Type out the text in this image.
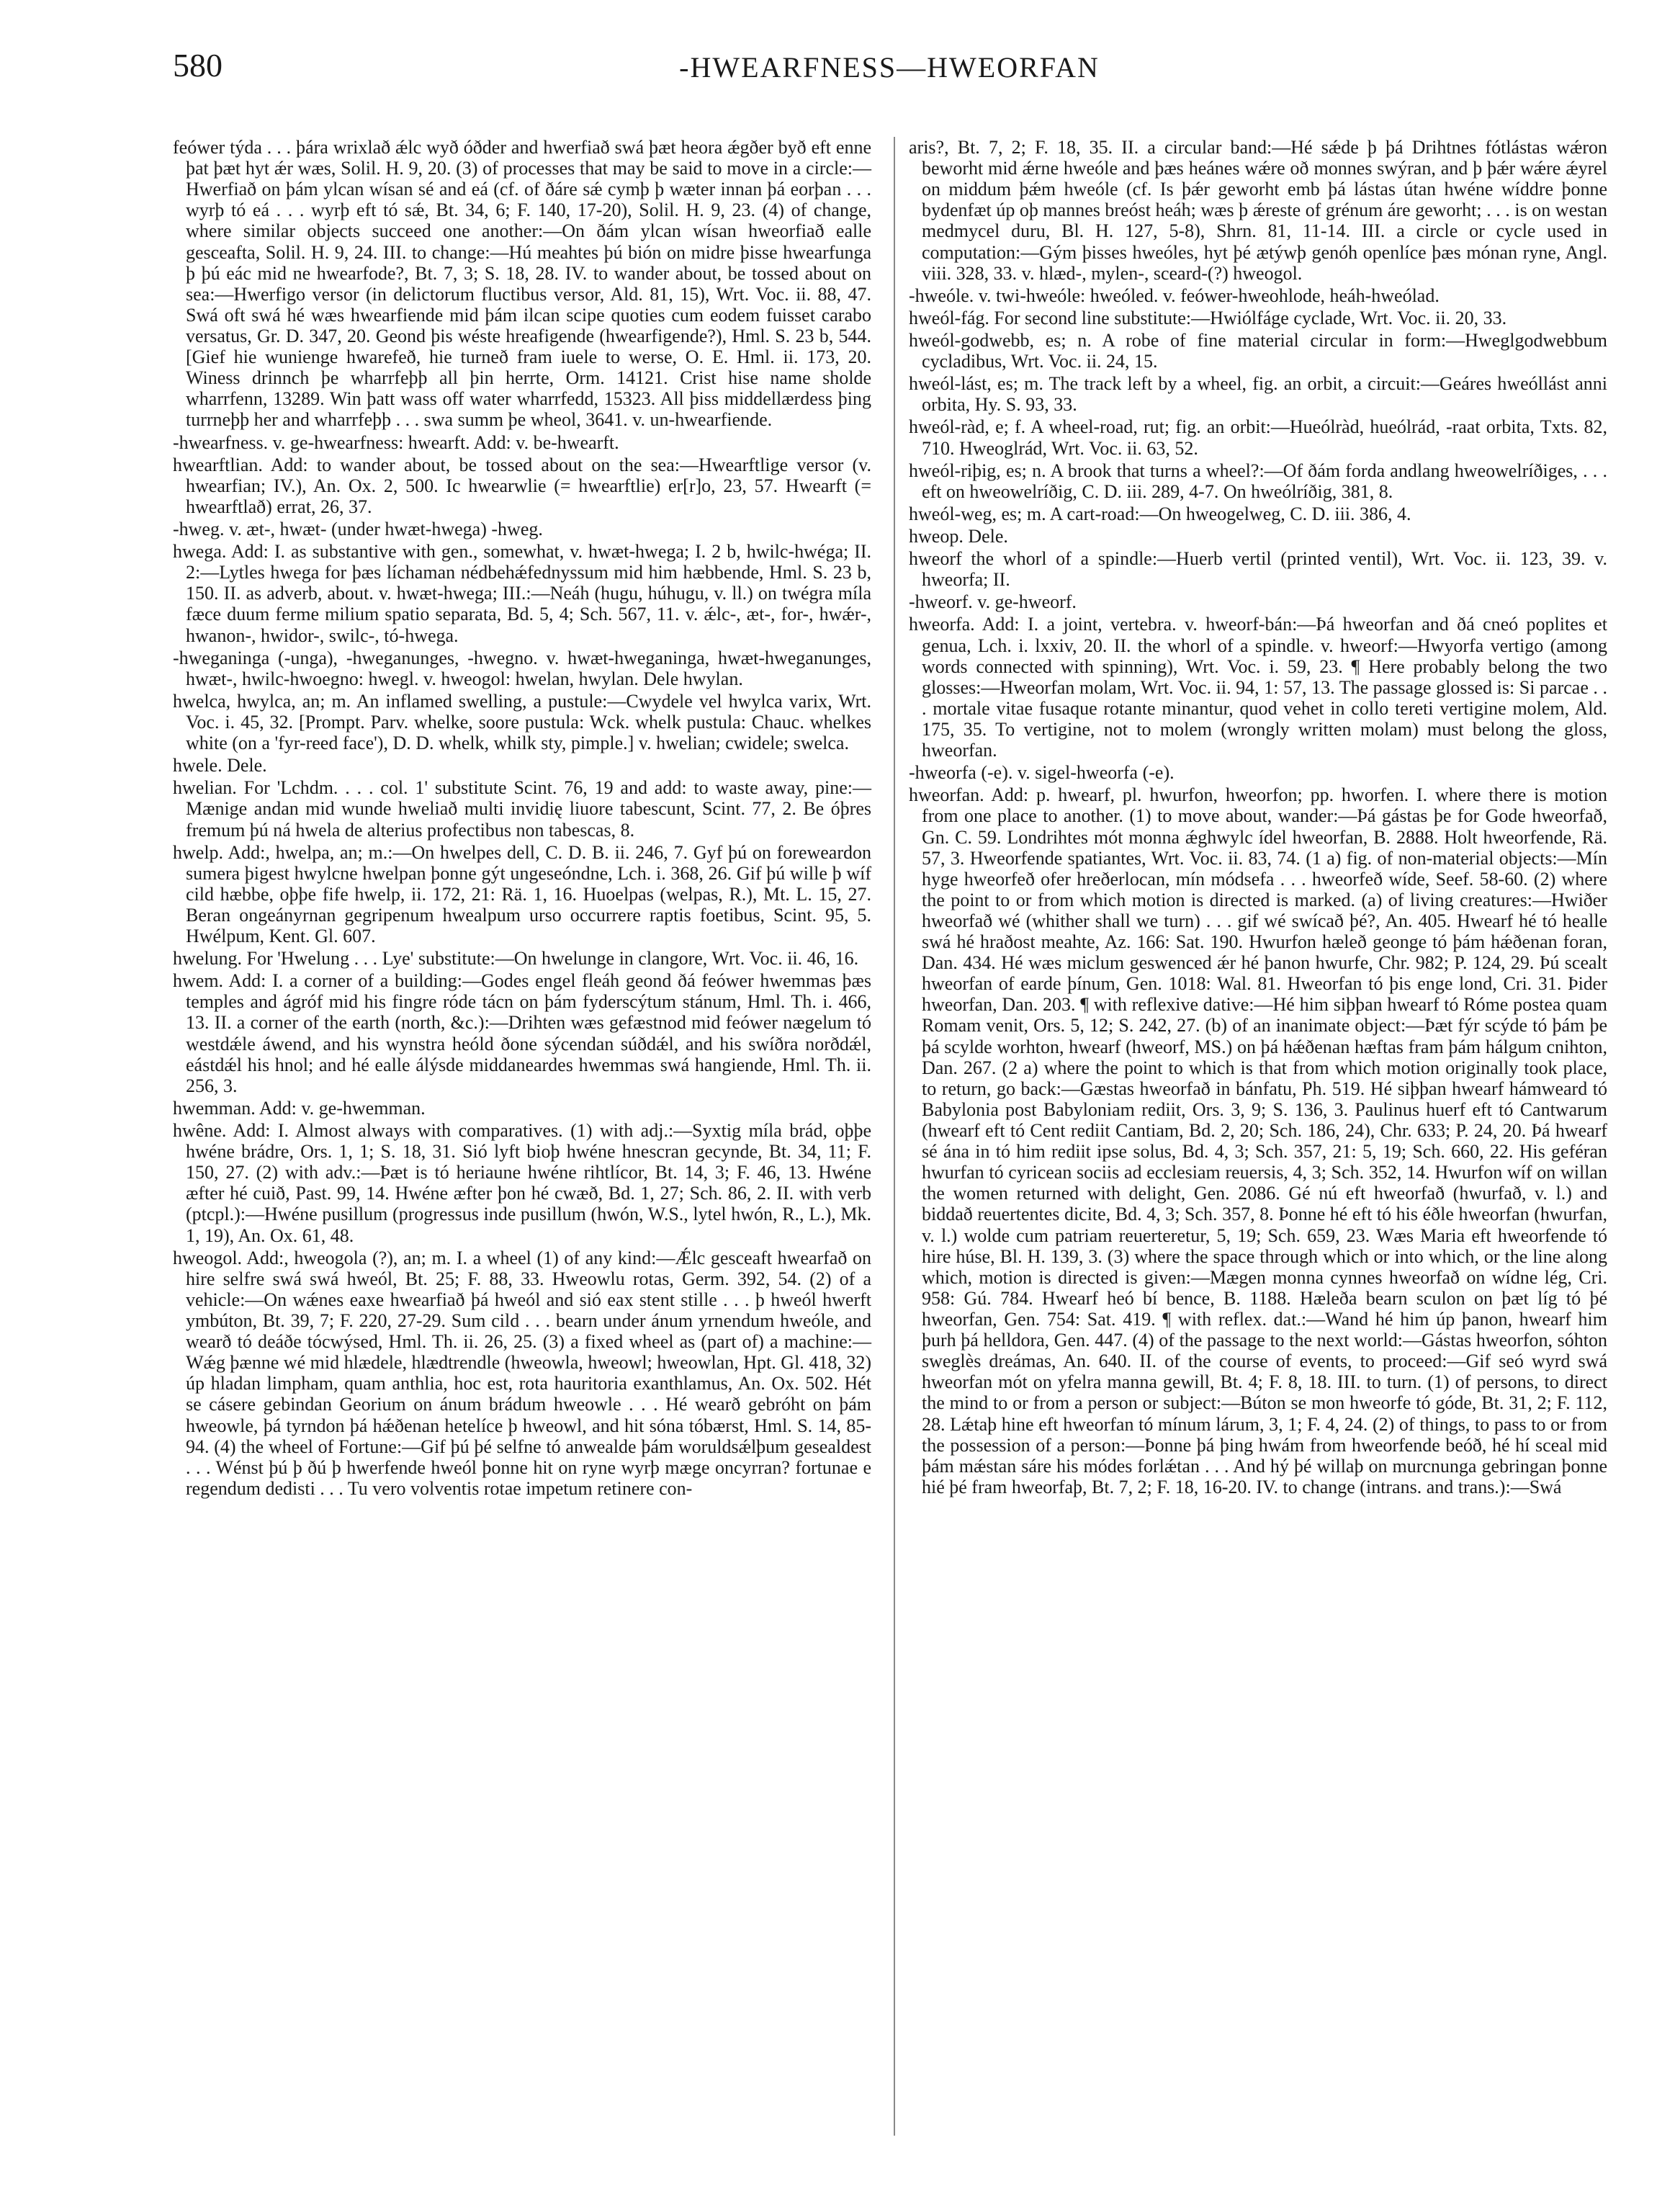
580	-HWEARFNESS—HWEORFAN

feówer týda . . . þára wrixlað ǽlc wyð óðder and hwerfiað swá þæt heora ǽgðer byð eft enne þat þæt hyt ǽr wæs, Solil. H. 9, 20. (3) of processes that may be said to move in a circle:—Hwerfiað on þám ylcan wísan sé and eá (cf. of ðáre sǽ cymþ þ wæter innan þá eorþan . . . wyrþ tó eá . . . wyrþ eft tó sǽ, Bt. 34, 6; F. 140, 17-20), Solil. H. 9, 23. (4) of change, where similar objects succeed one another:—On ðám ylcan wísan hweorfiað ealle gesceafta, Solil. H. 9, 24. III. to change:—Hú meahtes þú bión on midre þisse hwearfunga þ þú eác mid ne hwearfode?, Bt. 7, 3; S. 18, 28. IV. to wander about, be tossed about on sea:—Hwerfigo versor (in delictorum fluctibus versor, Ald. 81, 15), Wrt. Voc. ii. 88, 47. Swá oft swá hé wæs hwearfiende mid þám ilcan scipe quoties cum eodem fuisset carabo versatus, Gr. D. 347, 20. Geond þis wéste hreafigende (hwearfigende?), Hml. S. 23 b, 544. [Gief hie wunienge hwarefeð, hie turneð fram iuele to werse, O. E. Hml. ii. 173, 20. Winess drinnch þe wharrfeþþ all þin herrte, Orm. 14121. Crist hise name sholde wharrfenn, 13289. Win þatt wass off water wharrfedd, 15323. All þiss middellærdess þing turrneþþ her and wharrfeþþ . . . swa summ þe wheol, 3641. v. un-hwearfiende.

-hwearfness. v. ge-hwearfness: hwearft. Add: v. be-hwearft.

hwearftlian. Add: to wander about, be tossed about on the sea:—Hwearftlige versor (v. hwearfian; IV.), An. Ox. 2, 500. Ic hwearwlie (= hwearftlie) er[r]o, 23, 57. Hwearft (= hwearftlað) errat, 26, 37.

-hweg. v. æt-, hwæt- (under hwæt-hwega) -hweg.

hwega. Add: I. as substantive with gen., somewhat, v. hwæt-hwega; I. 2 b, hwilc-hwéga; II. 2:—Lytles hwega for þæs líchaman nédbehǽfednyssum mid him hæbbende, Hml. S. 23 b, 150. II. as adverb, about. v. hwæt-hwega; III.:—Neáh (hugu, húhugu, v. ll.) on twégra míla fæce duum ferme milium spatio separata, Bd. 5, 4; Sch. 567, 11. v. ǽlc-, æt-, for-, hwǽr-, hwanon-, hwidor-, swilc-, tó-hwega.

-hweganinga (-unga), -hweganunges, -hwegno. v. hwæt-hweganinga, hwæt-hweganunges, hwæt-, hwilc-hwoegno: hwegl. v. hweogol: hwelan, hwylan. Dele hwylan.

hwelca, hwylca, an; m. An inflamed swelling, a pustule:—Cwydele vel hwylca varix, Wrt. Voc. i. 45, 32. [Prompt. Parv. whelke, soore pustula: Wck. whelk pustula: Chauc. whelkes white (on a 'fyr-reed face'), D. D. whelk, whilk sty, pimple.] v. hwelian; cwidele; swelca.

hwele. Dele.

hwelian. For 'Lchdm. . . . col. 1' substitute Scint. 76, 19 and add: to waste away, pine:—Mænige andan mid wunde hweliað multi invidię liuore tabescunt, Scint. 77, 2. Be óþres fremum þú ná hwela de alterius profectibus non tabescas, 8.

hwelp. Add:, hwelpa, an; m.:—On hwelpes dell, C. D. B. ii. 246, 7. Gyf þú on foreweardon sumera þigest hwylcne hwelpan þonne gýt ungeseóndne, Lch. i. 368, 26. Gif þú wille þ wíf cild hæbbe, oþþe fife hwelp, ii. 172, 21: Rä. 1, 16. Huoelpas (welpas, R.), Mt. L. 15, 27. Beran ongeányrnan gegripenum hwealpum urso occurrere raptis foetibus, Scint. 95, 5. Hwélpum, Kent. Gl. 607.

hwelung. For 'Hwelung . . . Lye' substitute:—On hwelunge in clangore, Wrt. Voc. ii. 46, 16.

hwem. Add: I. a corner of a building:—Godes engel fleáh geond ðá feówer hwemmas þæs temples and ágróf mid his fingre róde tácn on þám fyderscýtum stánum, Hml. Th. i. 466, 13. II. a corner of the earth (north, &c.):—Drihten wæs gefæstnod mid feówer nægelum tó westdǽle áwend, and his wynstra heóld ðone sýcendan súðdǽl, and his swíðra norðdǽl, eástdǽl his hnol; and hé ealle álýsde middaneardes hwemmas swá hangiende, Hml. Th. ii. 256, 3.

hwemman. Add: v. ge-hwemman.

hwêne. Add: I. Almost always with comparatives. (1) with adj.:—Syxtig míla brád, oþþe hwéne brádre, Ors. 1, 1; S. 18, 31. Sió lyft bioþ hwéne hnescran gecynde, Bt. 34, 11; F. 150, 27. (2) with adv.:—Þæt is tó heriaune hwéne rihtlícor, Bt. 14, 3; F. 46, 13. Hwéne æfter hé cuið, Past. 99, 14. Hwéne æfter þon hé cwæð, Bd. 1, 27; Sch. 86, 2. II. with verb (ptcpl.):—Hwéne pusillum (progressus inde pusillum (hwón, W.S., lytel hwón, R., L.), Mk. 1, 19), An. Ox. 61, 48.

hweogol. Add:, hweogola (?), an; m. I. a wheel (1) of any kind:—Ǽlc gesceaft hwearfað on hire selfre swá swá hweól, Bt. 25; F. 88, 33. Hweowlu rotas, Germ. 392, 54. (2) of a vehicle:—On wǽnes eaxe hwearfiað þá hweól and sió eax stent stille . . . þ hweól hwerft ymbúton, Bt. 39, 7; F. 220, 27-29. Sum cild . . . bearn under ánum yrnendum hweóle, and wearð tó deáðe tócwýsed, Hml. Th. ii. 26, 25. (3) a fixed wheel as (part of) a machine:—Wǽg þænne wé mid hlædele, hlædtrendle (hweowla, hweowl; hweowlan, Hpt. Gl. 418, 32) úp hladan limpham, quam anthlia, hoc est, rota hauritoria exanthlamus, An. Ox. 502. Hét se cásere gebindan Georium on ánum brádum hweowle . . . Hé wearð gebróht on þám hweowle, þá tyrndon þá hǽðenan hetelíce þ hweowl, and hit sóna tóbærst, Hml. S. 14, 85-94. (4) the wheel of Fortune:—Gif þú þé selfne tó anwealde þám woruldsǽlþum gesealdest . . . Wénst þú þ ðú þ hwerfende hweól þonne hit on ryne wyrþ mæge oncyrran? fortunae e regendum dedisti . . . Tu vero volventis rotae impetum retinere con-

aris?, Bt. 7, 2; F. 18, 35. II. a circular band:—Hé sǽde þ þá Drihtnes fótlástas wǽron beworht mid ǽrne hweóle and þæs heánes wǽre oð monnes swýran, and þ þǽr wǽre ǽyrel on middum þǽm hweóle (cf. Is þǽr geworht emb þá lástas útan hwéne wíddre þonne bydenfæt úp oþ mannes breóst heáh; wæs þ ǽreste of grénum áre geworht; . . . is on westan medmycel duru, Bl. H. 127, 5-8), Shrn. 81, 11-14. III. a circle or cycle used in computation:—Gým þisses hweóles, hyt þé ætýwþ genóh openlíce þæs mónan ryne, Angl. viii. 328, 33. v. hlæd-, mylen-, sceard-(?) hweogol.

-hweóle. v. twi-hweóle: hweóled. v. feówer-hweohlode, heáh-hweólad.

hweól-fág. For second line substitute:—Hwiólfáge cyclade, Wrt. Voc. ii. 20, 33.

hweól-godwebb, es; n. A robe of fine material circular in form:—Hweglgodwebbum cycladibus, Wrt. Voc. ii. 24, 15.

hweól-lást, es; m. The track left by a wheel, fig. an orbit, a circuit:—Geáres hweóllást anni orbita, Hy. S. 93, 33.

hweól-ràd, e; f. A wheel-road, rut; fig. an orbit:—Hueólràd, hueólrád, -raat orbita, Txts. 82, 710. Hweoglrád, Wrt. Voc. ii. 63, 52.

hweól-riþig, es; n. A brook that turns a wheel?:—Of ðám forda andlang hweowelríðiges, . . . eft on hweowelríðig, C. D. iii. 289, 4-7. On hweólríðig, 381, 8.

hweól-weg, es; m. A cart-road:—On hweogelweg, C. D. iii. 386, 4.

hweop. Dele.

hweorf the whorl of a spindle:—Huerb vertil (printed ventil), Wrt. Voc. ii. 123, 39. v. hweorfa; II.

-hweorf. v. ge-hweorf.

hweorfa. Add: I. a joint, vertebra. v. hweorf-bán:—Þá hweorfan and ðá cneó poplites et genua, Lch. i. lxxiv, 20. II. the whorl of a spindle. v. hweorf:—Hwyorfa vertigo (among words connected with spinning), Wrt. Voc. i. 59, 23. ¶ Here probably belong the two glosses:—Hweorfan molam, Wrt. Voc. ii. 94, 1: 57, 13. The passage glossed is: Si parcae . . . mortale vitae fusaque rotante minantur, quod vehet in collo tereti vertigine molem, Ald. 175, 35. To vertigine, not to molem (wrongly written molam) must belong the gloss, hweorfan.

-hweorfa (-e). v. sigel-hweorfa (-e).

hweorfan. Add: p. hwearf, pl. hwurfon, hweorfon; pp. hworfen. I. where there is motion from one place to another. (1) to move about, wander:—Þá gástas þe for Gode hweorfað, Gn. C. 59. Londrihtes mót monna ǽghwylc ídel hweorfan, B. 2888. Holt hweorfende, Rä. 57, 3. Hweorfende spatiantes, Wrt. Voc. ii. 83, 74. (1 a) fig. of non-material objects:—Mín hyge hweorfeð ofer hreðerlocan, mín módsefa . . . hweorfeð wíde, Seef. 58-60. (2) where the point to or from which motion is directed is marked. (a) of living creatures:—Hwiðer hweorfað wé (whither shall we turn) . . . gif wé swícað þé?, An. 405. Hwearf hé tó healle swá hé hraðost meahte, Az. 166: Sat. 190. Hwurfon hæleð geonge tó þám hǽðenan foran, Dan. 434. Hé wæs miclum geswenced ǽr hé þanon hwurfe, Chr. 982; P. 124, 29. Þú scealt hweorfan of earde þínum, Gen. 1018: Wal. 81. Hweorfan tó þis enge lond, Cri. 31. Þider hweorfan, Dan. 203. ¶ with reflexive dative:—Hé him siþþan hwearf tó Róme postea quam Romam venit, Ors. 5, 12; S. 242, 27. (b) of an inanimate object:—Þæt fýr scýde tó þám þe þá scylde worhton, hwearf (hweorf, MS.) on þá hǽðenan hæftas fram þám hálgum cnihton, Dan. 267. (2 a) where the point to which is that from which motion originally took place, to return, go back:—Gæstas hweorfað in bánfatu, Ph. 519. Hé siþþan hwearf hámweard tó Babylonia post Babyloniam rediit, Ors. 3, 9; S. 136, 3. Paulinus huerf eft tó Cantwarum (hwearf eft tó Cent rediit Cantiam, Bd. 2, 20; Sch. 186, 24), Chr. 633; P. 24, 20. Þá hwearf sé ána in tó him rediit ipse solus, Bd. 4, 3; Sch. 357, 21: 5, 19; Sch. 660, 22. His geféran hwurfan tó cyricean sociis ad ecclesiam reuersis, 4, 3; Sch. 352, 14. Hwurfon wíf on willan the women returned with delight, Gen. 2086. Gé nú eft hweorfað (hwurfað, v. l.) and biddað reuertentes dicite, Bd. 4, 3; Sch. 357, 8. Þonne hé eft tó his éðle hweorfan (hwurfan, v. l.) wolde cum patriam reuerteretur, 5, 19; Sch. 659, 23. Wæs Maria eft hweorfende tó hire húse, Bl. H. 139, 3. (3) where the space through which or into which, or the line along which, motion is directed is given:—Mægen monna cynnes hweorfað on wídne lég, Cri. 958: Gú. 784. Hwearf heó bí bence, B. 1188. Hæleða bearn sculon on þæt líg tó þé hweorfan, Gen. 754: Sat. 419. ¶ with reflex. dat.:—Wand hé him úp þanon, hwearf him þurh þá helldora, Gen. 447. (4) of the passage to the next world:—Gástas hweorfon, sóhton sweglès dreámas, An. 640. II. of the course of events, to proceed:—Gif seó wyrd swá hweorfan mót on yfelra manna gewill, Bt. 4; F. 8, 18. III. to turn. (1) of persons, to direct the mind to or from a person or subject:—Búton se mon hweorfe tó góde, Bt. 31, 2; F. 112, 28. Lǽtaþ hine eft hweorfan tó mínum lárum, 3, 1; F. 4, 24. (2) of things, to pass to or from the possession of a person:—Þonne þá þing hwám from hweorfende beóð, hé hí sceal mid þám mǽstan sáre his módes forlǽtan . . . And hý þé willaþ on murcnunga gebringan þonne hié þé fram hweorfaþ, Bt. 7, 2; F. 18, 16-20. IV. to change (intrans. and trans.):—Swá
